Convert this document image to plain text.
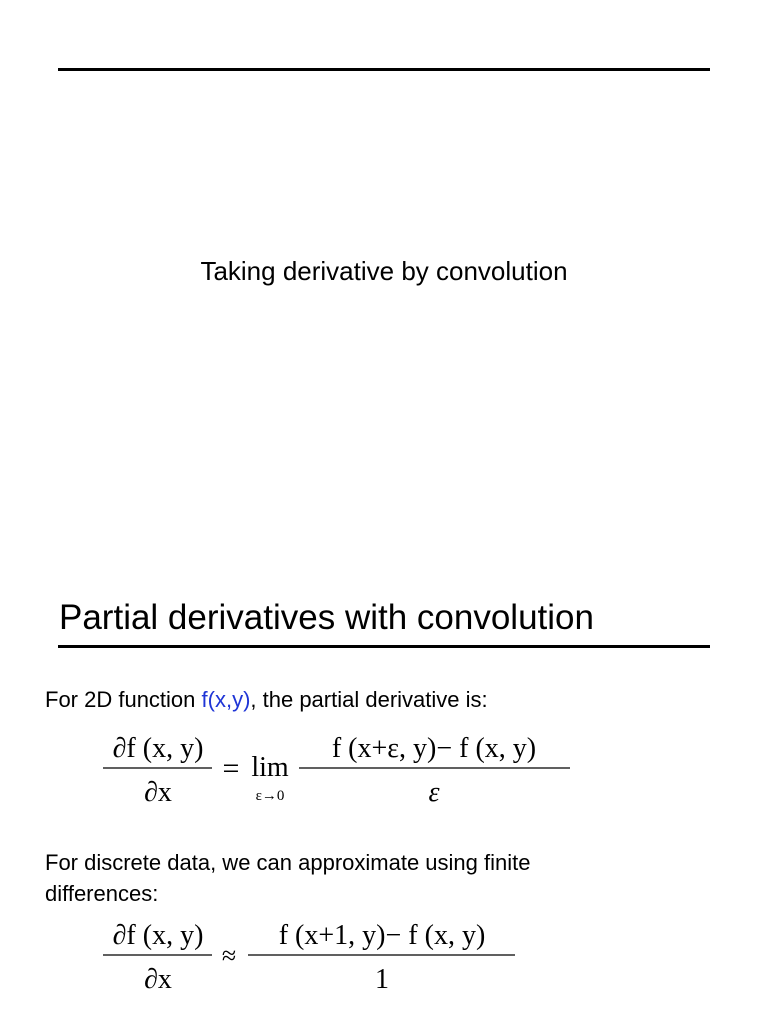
Taking derivative by convolution
Partial derivatives with convolution
For 2D function f(x,y), the partial derivative is:
∂f (x, y)
∂x
= lim
ε→0
f (x+ε, y)− f (x, y)
ε
For discrete data, we can approximate using finite
differences:
∂f (x, y)
∂x
≈
f (x+1, y)− f (x, y)
1
